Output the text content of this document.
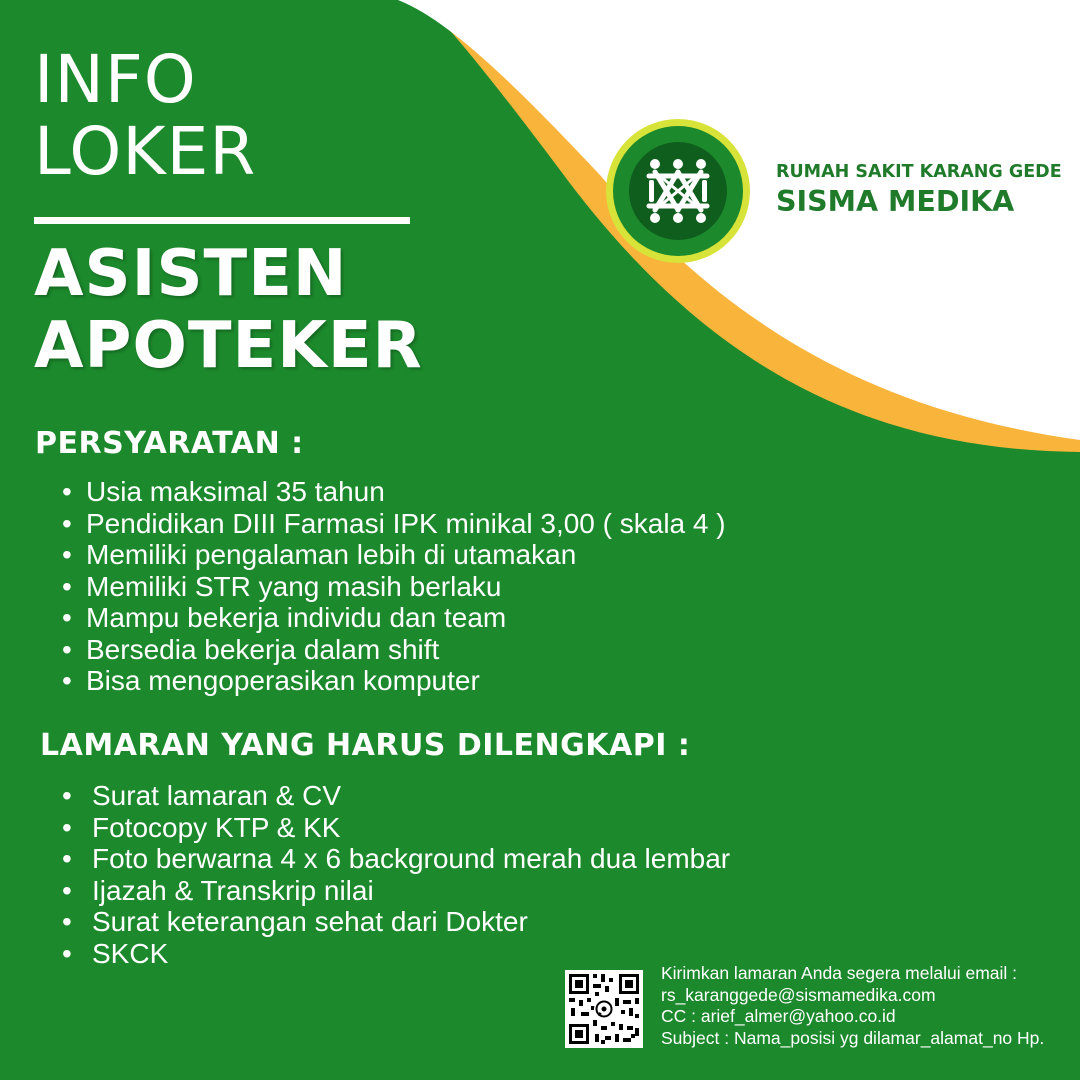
INFO
LOKER
ASISTEN
APOTEKER
RUMAH SAKIT KARANG GEDE
SISMA MEDIKA
PERSYARATAN :
• Usia maksimal 35 tahun
• Pendidikan DIII Farmasi IPK minikal 3,00 ( skala 4 )
• Memiliki pengalaman lebih di utamakan
• Memiliki STR yang masih berlaku
• Mampu bekerja individu dan team
• Bersedia bekerja dalam shift
• Bisa mengoperasikan komputer
LAMARAN YANG HARUS DILENGKAPI :
• Surat lamaran & CV
• Fotocopy KTP & KK
• Foto berwarna 4 x 6 background merah dua lembar
• Ijazah & Transkrip nilai
• Surat keterangan sehat dari Dokter
• SKCK
Kirimkan lamaran Anda segera melalui email :
rs_karanggede@sismamedika.com
CC : arief_almer@yahoo.co.id
Subject : Nama_posisi yg dilamar_alamat_no Hp.
